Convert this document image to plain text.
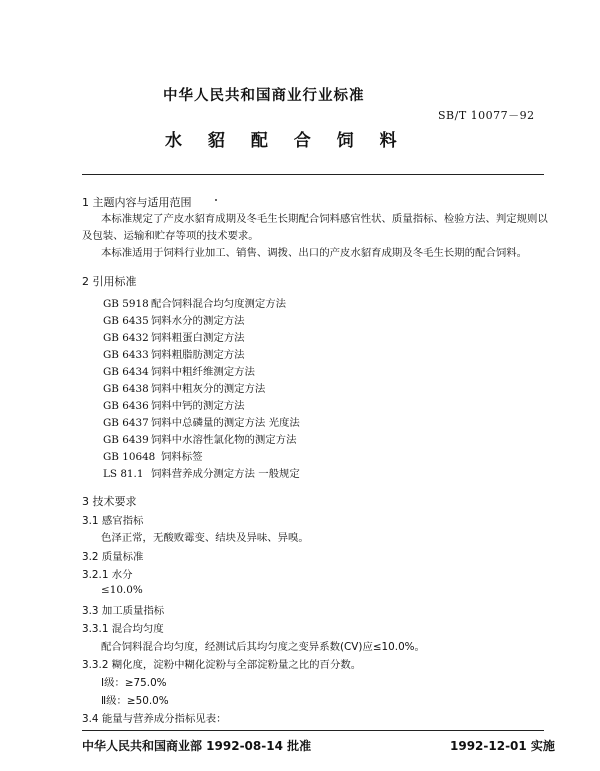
中华人民共和国商业行业标准
SB/T 10077－92
水 貂 配 合 饲 料
1 主题内容与适用范围
本标准规定了产皮水貂育成期及冬毛生长期配合饲料感官性状、质量指标、检验方法、判定规则以
及包装、运输和贮存等项的技术要求。
本标准适用于饲料行业加工、销售、调拨、出口的产皮水貂育成期及冬毛生长期的配合饲料。
2 引用标准
GB 5918 配合饲料混合均匀度测定方法
GB 6435 饲料水分的测定方法
GB 6432 饲料粗蛋白测定方法
GB 6433 饲料粗脂肪测定方法
GB 6434 饲料中粗纤维测定方法
GB 6438 饲料中粗灰分的测定方法
GB 6436 饲料中钙的测定方法
GB 6437 饲料中总磷量的测定方法 光度法
GB 6439 饲料中水溶性氯化物的测定方法
GB 10648 饲料标签
LS 81.1 饲料营养成分测定方法 一般规定
3 技术要求
3.1 感官指标
色泽正常，无酸败霉变、结块及异味、异嗅。
3.2 质量标准
3.2.1 水分
≤10.0%
3.3 加工质量指标
3.3.1 混合均匀度
配合饲料混合均匀度，经测试后其均匀度之变异系数(CV)应≤10.0%。
3.3.2 糊化度，淀粉中糊化淀粉与全部淀粉量之比的百分数。
Ⅰ级：≥75.0%
Ⅱ级：≥50.0%
3.4 能量与营养成分指标见表：
中华人民共和国商业部 1992-08-14 批准	1992-12-01 实施
